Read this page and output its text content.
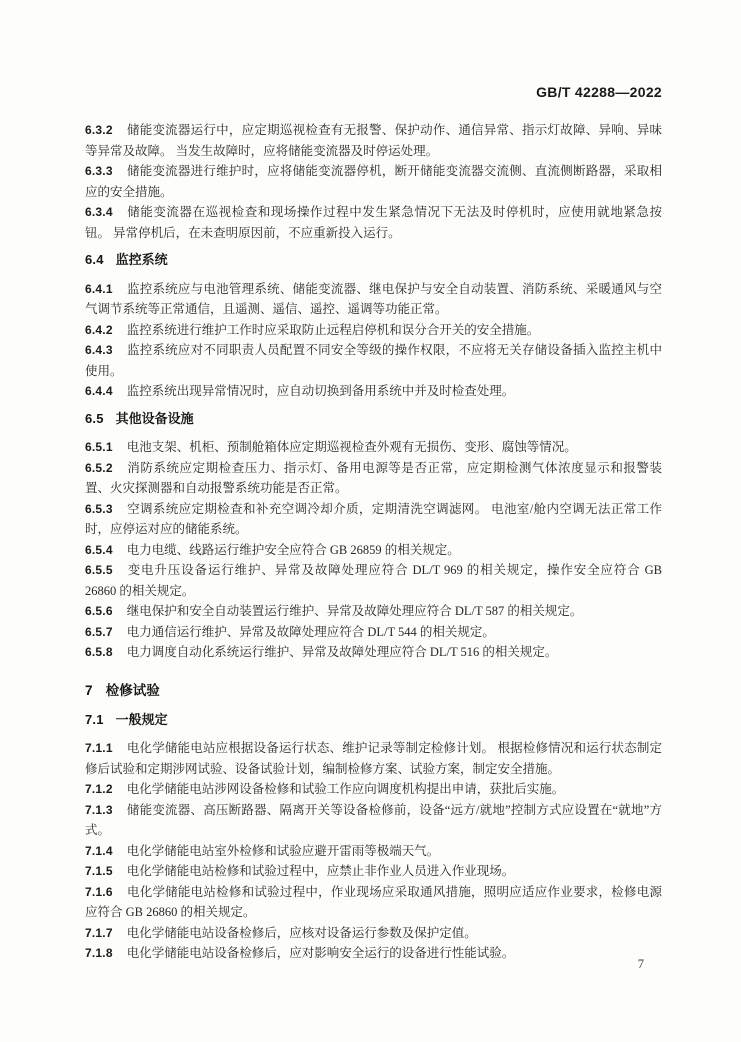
GB/T 42288—2022

6.3.2 储能变流器运行中，应定期巡视检查有无报警、保护动作、通信异常、指示灯故障、异响、异味等异常及故障。 当发生故障时，应将储能变流器及时停运处理。

6.3.3 储能变流器进行维护时，应将储能变流器停机，断开储能变流器交流侧、直流侧断路器，采取相应的安全措施。

6.3.4 储能变流器在巡视检查和现场操作过程中发生紧急情况下无法及时停机时，应使用就地紧急按钮。 异常停机后，在未查明原因前，不应重新投入运行。

6.4 监控系统

6.4.1 监控系统应与电池管理系统、储能变流器、继电保护与安全自动装置、消防系统、采暖通风与空气调节系统等正常通信，且遥测、遥信、遥控、遥调等功能正常。

6.4.2 监控系统进行维护工作时应采取防止远程启停机和误分合开关的安全措施。

6.4.3 监控系统应对不同职责人员配置不同安全等级的操作权限，不应将无关存储设备插入监控主机中使用。

6.4.4 监控系统出现异常情况时，应自动切换到备用系统中并及时检查处理。

6.5 其他设备设施

6.5.1 电池支架、机柜、预制舱箱体应定期巡视检查外观有无损伤、变形、腐蚀等情况。

6.5.2 消防系统应定期检查压力、指示灯、备用电源等是否正常，应定期检测气体浓度显示和报警装置、火灾探测器和自动报警系统功能是否正常。

6.5.3 空调系统应定期检查和补充空调冷却介质，定期清洗空调滤网。 电池室/舱内空调无法正常工作时，应停运对应的储能系统。

6.5.4 电力电缆、线路运行维护安全应符合 GB 26859 的相关规定。

6.5.5 变电升压设备运行维护、异常及故障处理应符合 DL/T 969 的相关规定，操作安全应符合 GB 26860 的相关规定。

6.5.6 继电保护和安全自动装置运行维护、异常及故障处理应符合 DL/T 587 的相关规定。

6.5.7 电力通信运行维护、异常及故障处理应符合 DL/T 544 的相关规定。

6.5.8 电力调度自动化系统运行维护、异常及故障处理应符合 DL/T 516 的相关规定。

7 检修试验
7.1 一般规定

7.1.1 电化学储能电站应根据设备运行状态、维护记录等制定检修计划。 根据检修情况和运行状态制定修后试验和定期涉网试验、设备试验计划，编制检修方案、试验方案，制定安全措施。

7.1.2 电化学储能电站涉网设备检修和试验工作应向调度机构提出申请，获批后实施。

7.1.3 储能变流器、高压断路器、隔离开关等设备检修前，设备“远方/就地”控制方式应设置在“就地”方式。

7.1.4 电化学储能电站室外检修和试验应避开雷雨等极端天气。

7.1.5 电化学储能电站检修和试验过程中，应禁止非作业人员进入作业现场。

7.1.6 电化学储能电站检修和试验过程中，作业现场应采取通风措施，照明应适应作业要求，检修电源应符合 GB 26860 的相关规定。

7.1.7 电化学储能电站设备检修后，应核对设备运行参数及保护定值。

7.1.8 电化学储能电站设备检修后，应对影响安全运行的设备进行性能试验。

7
